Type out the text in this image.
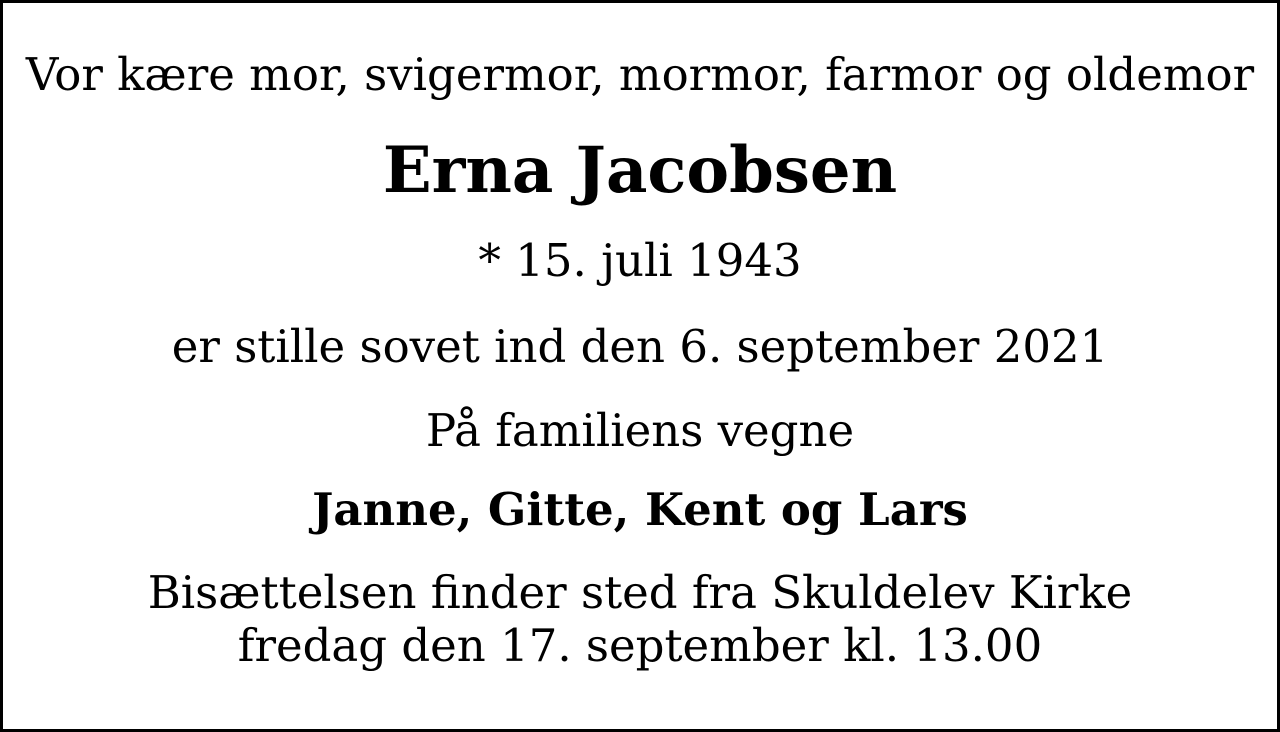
Vor kære mor, svigermor, mormor, farmor og oldemor
Erna Jacobsen
* 15. juli 1943
er stille sovet ind den 6. september 2021
På familiens vegne
Janne, Gitte, Kent og Lars
Bisættelsen finder sted fra Skuldelev Kirke
fredag den 17. september kl. 13.00
